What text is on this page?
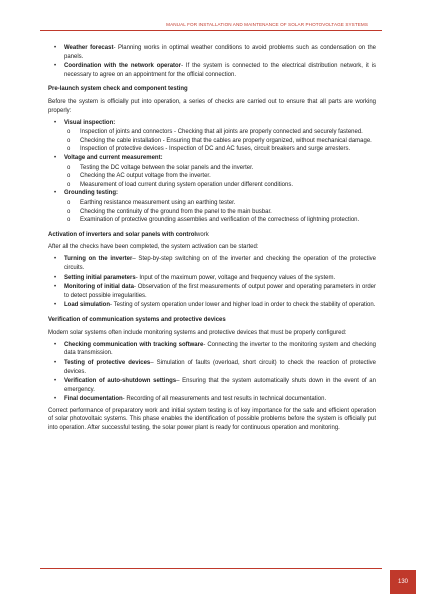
MANUAL FOR INSTALLATION AND MAINTENANCE OF SOLAR PHOTOVOLTAGE SYSTEMS
• Weather forecast- Planning works in optimal weather conditions to avoid problems such as condensation on the panels.
• Coordination with the network operator- If the system is connected to the electrical distribution network, it is necessary to agree on an appointment for the official connection.

Pre-launch system check and component testing

Before the system is officially put into operation, a series of checks are carried out to ensure that all parts are working properly:

• Visual inspection:
o Inspection of joints and connectors - Checking that all joints are properly connected and securely fastened.
o Checking the cable installation - Ensuring that the cables are properly organized, without mechanical damage.
o Inspection of protective devices - Inspection of DC and AC fuses, circuit breakers and surge arresters.
• Voltage and current measurement:
o Testing the DC voltage between the solar panels and the inverter.
o Checking the AC output voltage from the inverter.
o Measurement of load current during system operation under different conditions.
• Grounding testing:
o Earthing resistance measurement using an earthing tester.
o Checking the continuity of the ground from the panel to the main busbar.
o Examination of protective grounding assemblies and verification of the correctness of lightning protection.

Activation of inverters and solar panels with controlwork

After all the checks have been completed, the system activation can be started:

• Turning on the inverter– Step-by-step switching on of the inverter and checking the operation of the protective circuits.
• Setting initial parameters- Input of the maximum power, voltage and frequency values of the system.
• Monitoring of initial data- Observation of the first measurements of output power and operating parameters in order to detect possible irregularities.
• Load simulation- Testing of system operation under lower and higher load in order to check the stability of operation.

Verification of communication systems and protective devices

Modern solar systems often include monitoring systems and protective devices that must be properly configured:

• Checking communication with tracking software- Connecting the inverter to the monitoring system and checking data transmission.
• Testing of protective devices– Simulation of faults (overload, short circuit) to check the reaction of protective devices.
• Verification of auto-shutdown settings– Ensuring that the system automatically shuts down in the event of an emergency.
• Final documentation- Recording of all measurements and test results in technical documentation.

Correct performance of preparatory work and initial system testing is of key importance for the safe and efficient operation of solar photovoltaic systems. This phase enables the identification of possible problems before the system is officially put into operation. After successful testing, the solar power plant is ready for continuous operation and monitoring.

130
